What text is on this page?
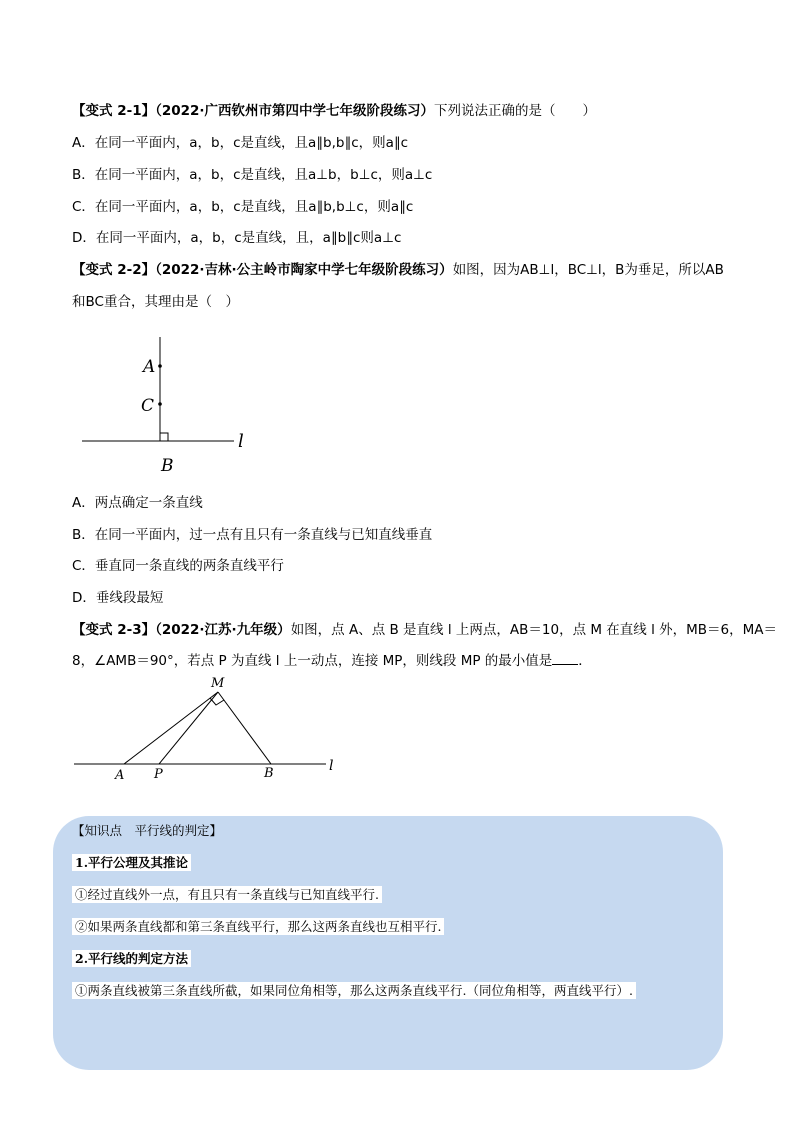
【变式 2-1】（2022·广西钦州市第四中学七年级阶段练习）下列说法正确的是（　　）
A．在同一平面内，a，b，c是直线，且a∥b,b∥c，则a∥c
B．在同一平面内，a，b，c是直线，且a⊥b，b⊥c，则a⊥c
C．在同一平面内，a，b，c是直线，且a∥b,b⊥c，则a∥c
D．在同一平面内，a，b，c是直线，且，a∥b∥c则a⊥c
【变式 2-2】（2022·吉林·公主岭市陶家中学七年级阶段练习）如图，因为AB⊥l，BC⊥l，B为垂足，所以AB
和BC重合，其理由是（　）
A
C
B
l
A．两点确定一条直线
B．在同一平面内，过一点有且只有一条直线与已知直线垂直
C．垂直同一条直线的两条直线平行
D．垂线段最短
【变式 2-3】（2022·江苏·九年级）如图，点 A、点 B 是直线 l 上两点，AB＝10，点 M 在直线 l 外，MB＝6，MA＝
8，∠AMB＝90°，若点 P 为直线 l 上一动点，连接 MP，则线段 MP 的最小值是 ．
M
A P	B	l
【知识点　平行线的判定】
1.平行公理及其推论
①经过直线外一点，有且只有一条直线与已知直线平行.
②如果两条直线都和第三条直线平行，那么这两条直线也互相平行.
2.平行线的判定方法
①两条直线被第三条直线所截，如果同位角相等，那么这两条直线平行.（同位角相等，两直线平行）.
